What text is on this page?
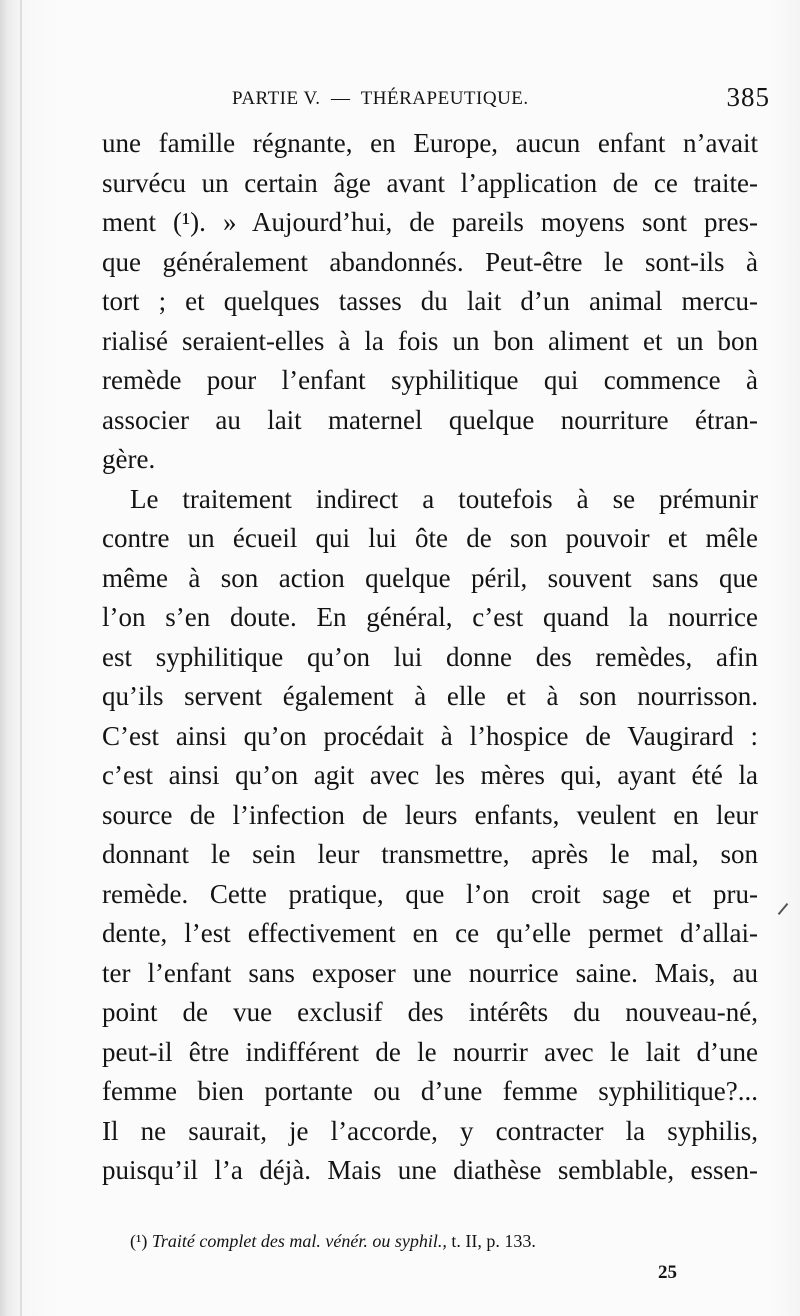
PARTIE V.  —  THÉRAPEUTIQUE.	385
une famille régnante, en Europe, aucun enfant n’avait
survécu un certain âge avant l’application de ce traite-
ment (¹). » Aujourd’hui, de pareils moyens sont pres-
que généralement abandonnés. Peut-être le sont-ils à
tort ; et quelques tasses du lait d’un animal mercu-
rialisé seraient-elles à la fois un bon aliment et un bon
remède pour l’enfant syphilitique qui commence à
associer au lait maternel quelque nourriture étran-
gère.
Le traitement indirect a toutefois à se prémunir
contre un écueil qui lui ôte de son pouvoir et mêle
même à son action quelque péril, souvent sans que
l’on s’en doute. En général, c’est quand la nourrice
est syphilitique qu’on lui donne des remèdes, afin
qu’ils servent également à elle et à son nourrisson.
C’est ainsi qu’on procédait à l’hospice de Vaugirard :
c’est ainsi qu’on agit avec les mères qui, ayant été la
source de l’infection de leurs enfants, veulent en leur
donnant le sein leur transmettre, après le mal, son
remède. Cette pratique, que l’on croit sage et pru-
dente, l’est effectivement en ce qu’elle permet d’allai-
ter l’enfant sans exposer une nourrice saine. Mais, au
point de vue exclusif des intérêts du nouveau-né,
peut-il être indifférent de le nourrir avec le lait d’une
femme bien portante ou d’une femme syphilitique?...
Il ne saurait, je l’accorde, y contracter la syphilis,
puisqu’il l’a déjà. Mais une diathèse semblable, essen-
(¹) Traité complet des mal. vénér. ou syphil., t. II, p. 133.
25
